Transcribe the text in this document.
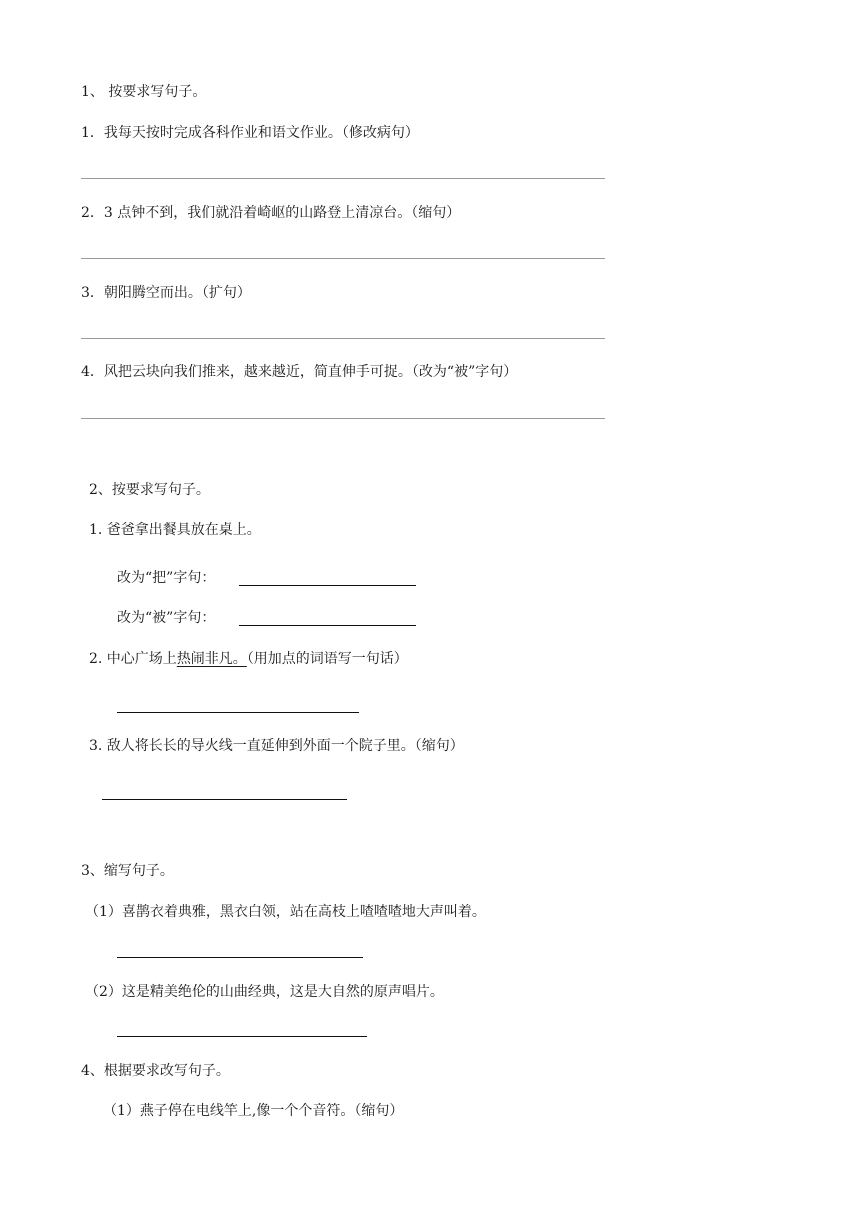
1、 按要求写句子。
1．我每天按时完成各科作业和语文作业。（修改病句）
2．3 点钟不到，我们就沿着崎岖的山路登上清凉台。（缩句）
3．朝阳腾空而出。（扩句）
4．风把云块向我们推来，越来越近，简直伸手可捉。（改为“被”字句）
2、按要求写句子。
1. 爸爸拿出餐具放在桌上。
改为“把”字句：
改为“被”字句：
2. 中心广场上热闹非凡。（用加点的词语写一句话）
3. 敌人将长长的导火线一直延伸到外面一个院子里。（缩句）
3、缩写句子。
（1）喜鹊衣着典雅，黑衣白领，站在高枝上喳喳喳地大声叫着。
（2）这是精美绝伦的山曲经典，这是大自然的原声唱片。
4、根据要求改写句子。
（1）燕子停在电线竿上,像一个个音符。（缩句）
